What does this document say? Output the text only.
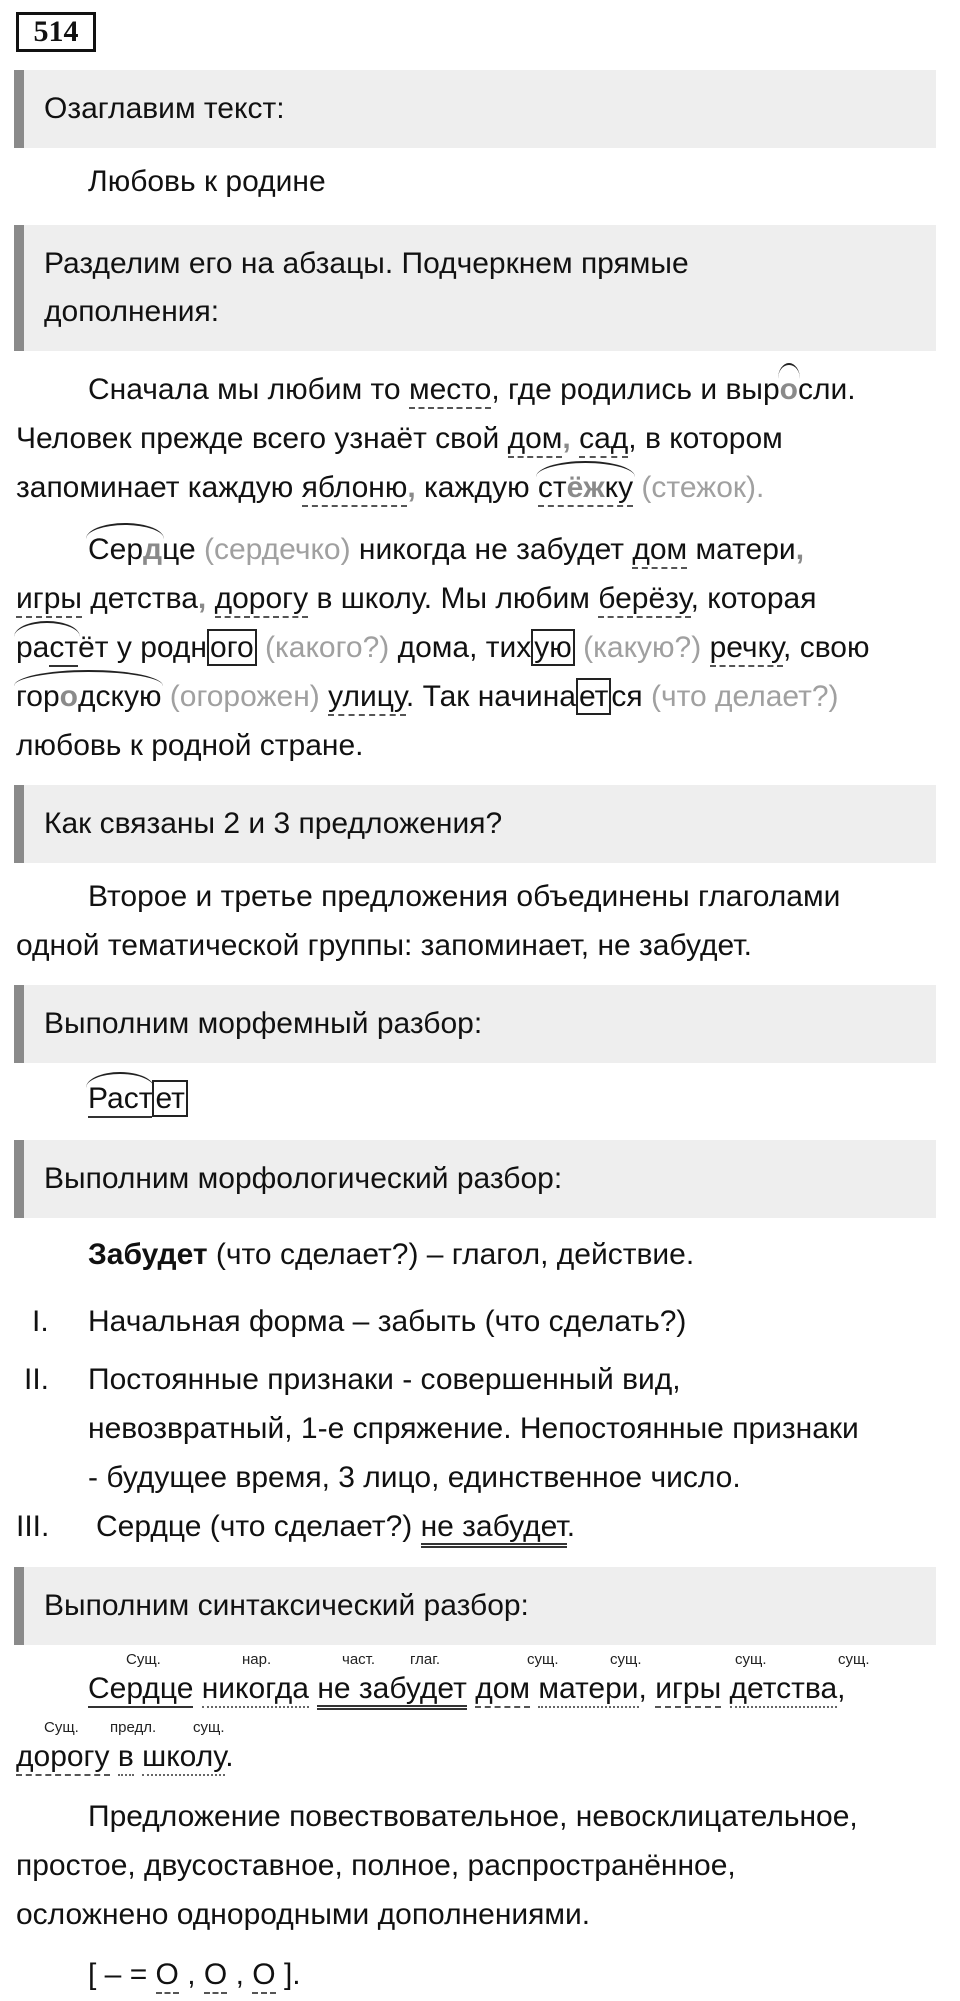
514
Озаглавим текст:
Любовь к родине
Разделим его на абзацы. Подчеркнем прямые
дополнения:
Сначала мы любим то место, где родились и выросли.
Человек прежде всего узнаёт свой дом, сад, в котором
запоминает каждую яблоню, каждую стёжку (стежок).
Сердце (сердечко) никогда не забудет дом матери,
игры детства, дорогу в школу. Мы любим берёзу, которая
растёт у родн ого (какого?) дома, тих ую (какую?) речку, свою
городскую (огорожен) улицу. Так начина ет ся (что делает?)
любовь к родной стране.
Как связаны 2 и 3 предложения?
Второе и третье предложения объединены глаголами
одной тематической группы: запоминает, не забудет.
Выполним морфемный разбор:
Раст ет
Выполним морфологический разбор:
Забудет (что сделает?) – глагол, действие.
I. Начальная форма – забыть (что сделать?)
II. Постоянные признаки - совершенный вид,
невозвратный, 1-е спряжение. Непостоянные признаки
- будущее время, 3 лицо, единственное число.
III. Сердце (что сделает?) не забудет.
Выполним синтаксический разбор:
Сущ.	нар.	част. глаг.	сущ.	сущ.	сущ.	сущ.
Сердце никогда не забудет дом матери, игры детства,
Сущ. предл. сущ.
дорогу в школу.
Предложение повествовательное, невосклицательное,
простое, двусоставное, полное, распространённое,
осложнено однородными дополнениями.
[ – = О , О , О ].
